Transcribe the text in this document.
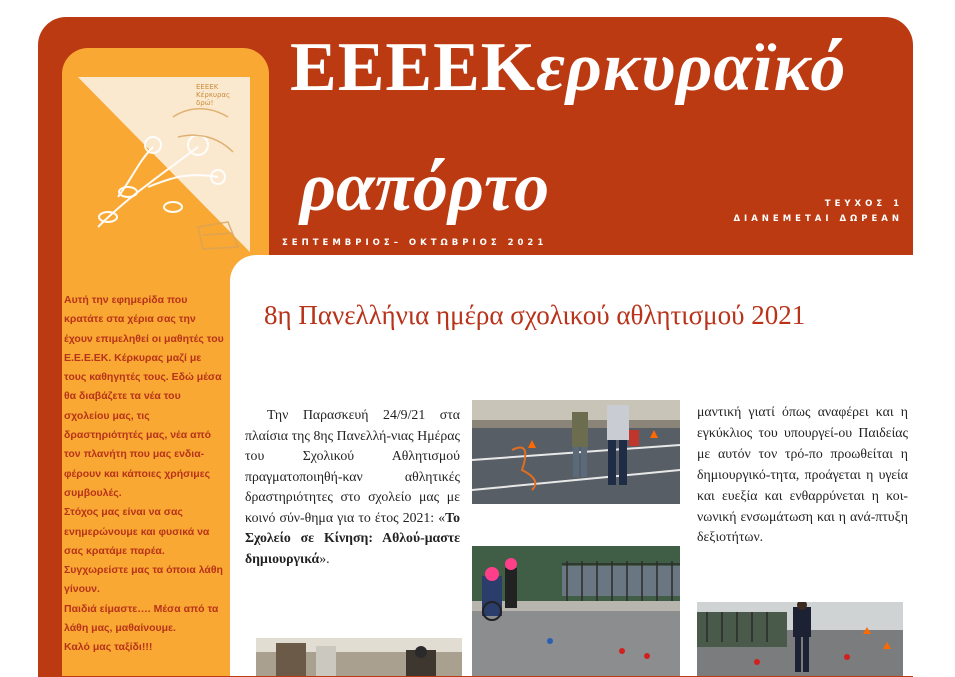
ΕΕΕΕΚ Κέρκυρας δρώ!	ΕΕΕΕΚερκυραϊκό
ραπόρτο
ΣΕΠΤΕΜΒΡΙΟΣ– ΟΚΤΩΒΡΙΟΣ 2021
ΤΕΥΧΟΣ 1
ΔΙΑΝΕΜΕΤΑΙ ΔΩΡΕΑΝ

Αυτή την εφημερίδα που κρατάτε στα χέρια σας την έχουν επιμεληθεί οι μαθητές του Ε.Ε.Ε.ΕΚ. Κέρκυρας μαζί με τους καθηγητές τους. Εδώ μέσα θα διαβάζετε τα νέα του σχολείου μας, τις δραστηριότητές μας, νέα από τον πλανήτη που μας ενδια-φέρουν και κάποιες χρήσιμες συμβουλές.

Στόχος μας είναι να σας ενημερώνουμε και φυσικά να σας κρατάμε παρέα.

Συγχωρείστε μας τα όποια λάθη γίνουν.

Παιδιά είμαστε…. Μέσα από τα λάθη μας, μαθαίνουμε.

Καλό μας ταξίδι!!!

8η Πανελλήνια ημέρα σχολικού αθλητισμού 2021
Την Παρασκευή 24/9/21 στα πλαίσια της 8ης Πανελλή-νιας Ημέρας του Σχολικού Αθλητισμού πραγματοποιηθή-καν αθλητικές δραστηριότητες στο σχολείο μας με κοινό σύν-θημα για το έτος 2021: «Το Σχολείο σε Κίνηση: Αθλού-μαστε δημιουργικά».
μαντική γιατί όπως αναφέρει και η εγκύκλιος του υπουργεί-ου Παιδείας με αυτόν τον τρό-πο προωθείται η δημιουργικό-τητα, προάγεται η υγεία και ευεξία και ενθαρρύνεται η κοι-νωνική ενσωμάτωση και η ανά-πτυξη δεξιοτήτων.
